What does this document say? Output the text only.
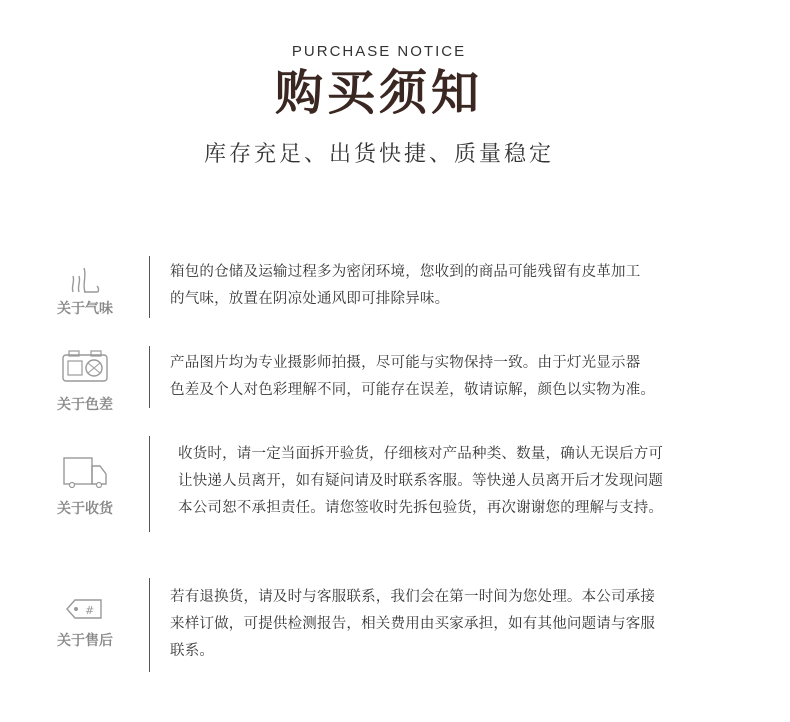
PURCHASE NOTICE
购买须知
库存充足、出货快捷、质量稳定
关于气味
箱包的仓储及运输过程多为密闭环境，您收到的商品可能残留有皮革加工
的气味，放置在阴凉处通风即可排除异味。
关于色差
产品图片均为专业摄影师拍摄，尽可能与实物保持一致。由于灯光显示器
色差及个人对色彩理解不同，可能存在误差，敬请谅解，颜色以实物为准。
关于收货
收货时，请一定当面拆开验货，仔细核对产品种类、数量，确认无误后方可
让快递人员离开，如有疑问请及时联系客服。等快递人员离开后才发现问题
本公司恕不承担责任。请您签收时先拆包验货，再次谢谢您的理解与支持。
#
关于售后
若有退换货，请及时与客服联系，我们会在第一时间为您处理。本公司承接
来样订做，可提供检测报告，相关费用由买家承担，如有其他问题请与客服
联系。
